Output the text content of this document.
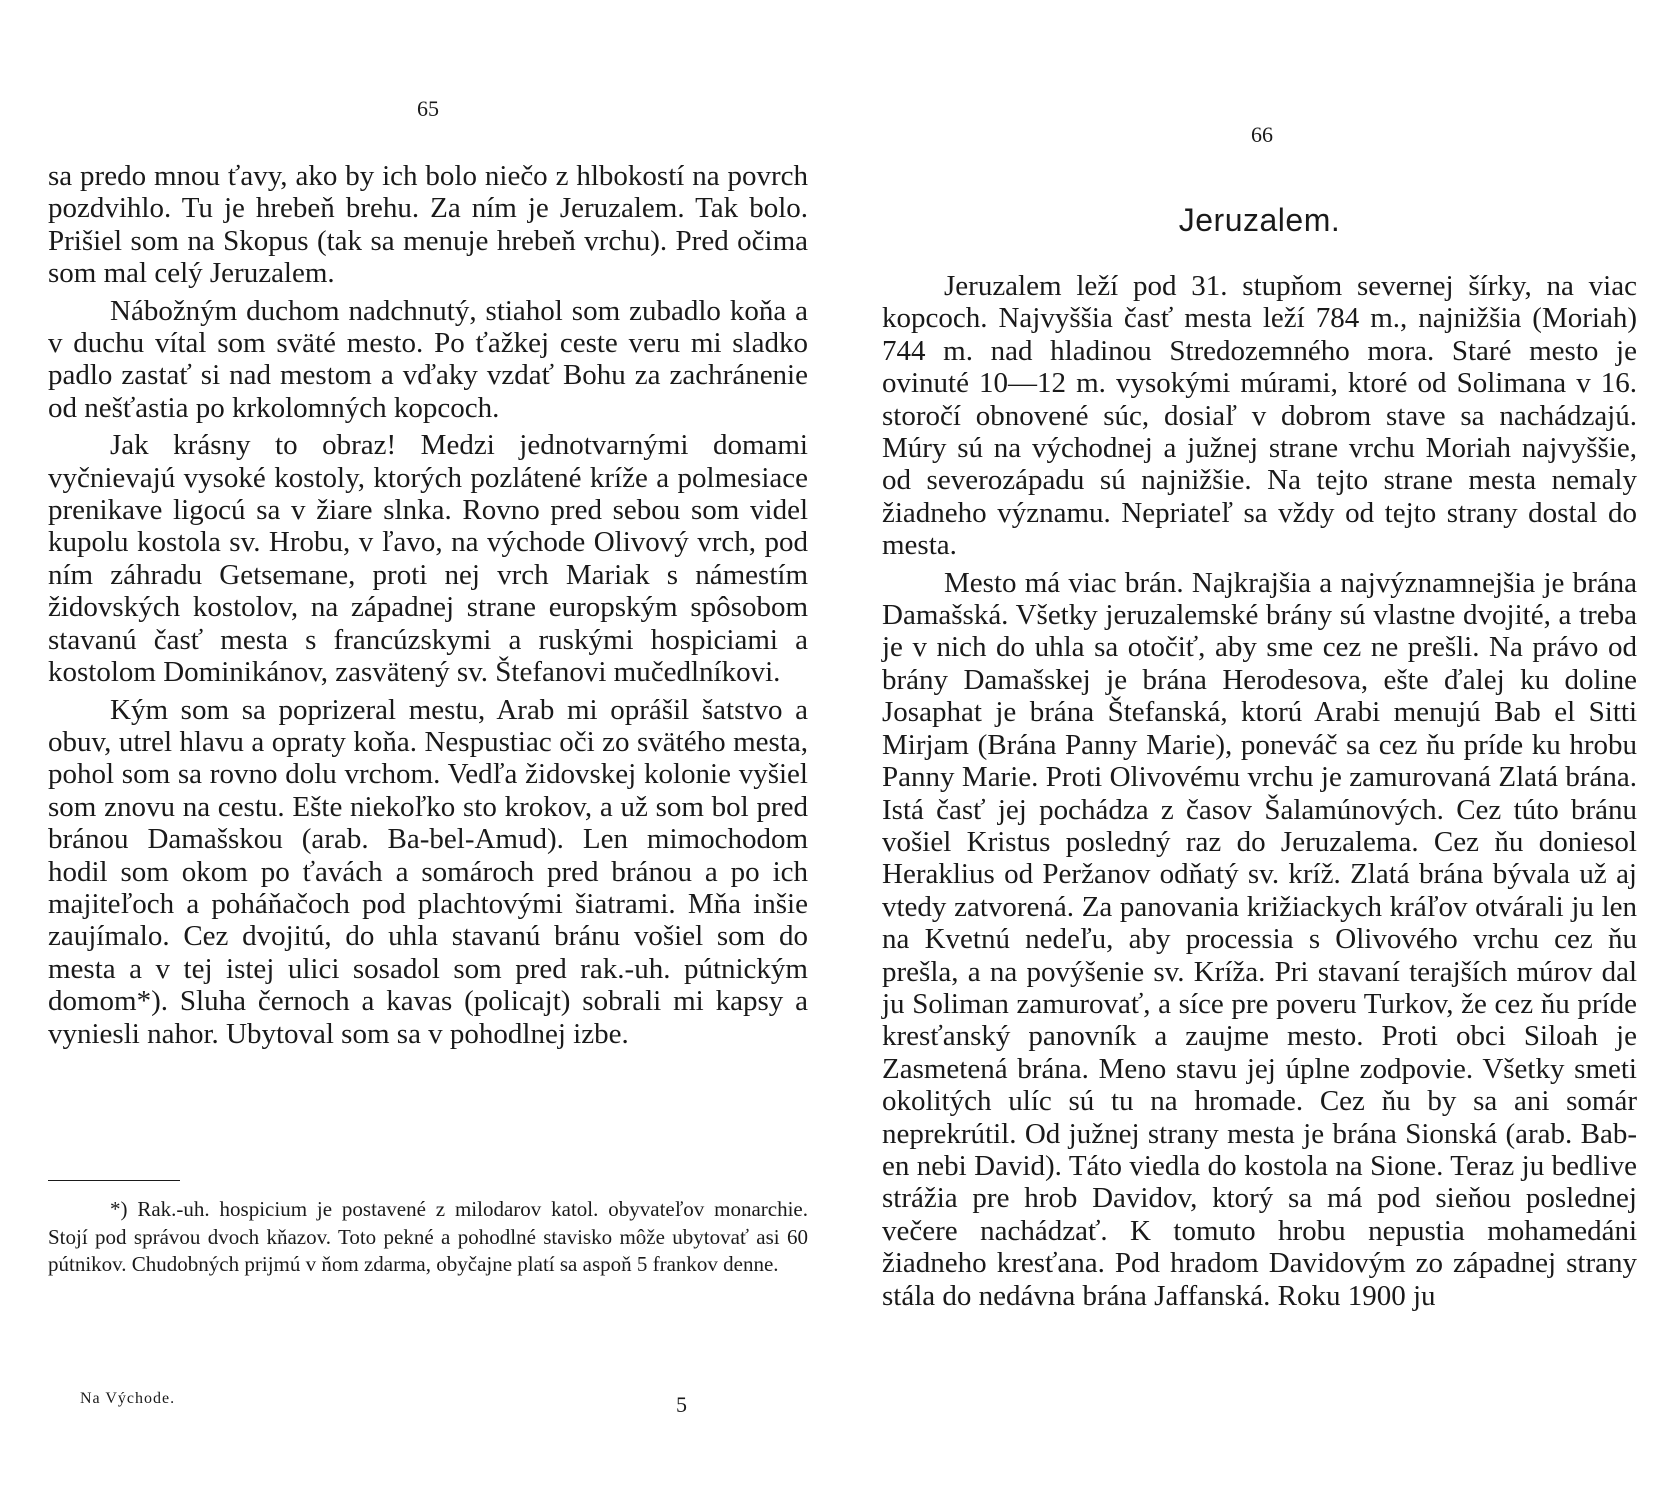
65

sa predo mnou ťavy, ako by ich bolo niečo z hlbokostí na povrch pozdvihlo. Tu je hrebeň brehu. Za ním je Jeruzalem. Tak bolo. Prišiel som na Skopus (tak sa menuje hrebeň vrchu). Pred očima som mal celý Jeruzalem.

Nábožným duchom nadchnutý, stiahol som zubadlo koňa a v duchu vítal som sväté mesto. Po ťažkej ceste veru mi sladko padlo zastať si nad mestom a vďaky vzdať Bohu za zachránenie od nešťastia po krkolomných kopcoch.

Jak krásny to obraz! Medzi jednotvarnými domami vyčnievajú vysoké kostoly, ktorých pozlátené kríže a polmesiace prenikave ligocú sa v žiare slnka. Rovno pred sebou som videl kupolu kostola sv. Hrobu, v ľavo, na východe Olivový vrch, pod ním záhradu Getsemane, proti nej vrch Mariak s námestím židovských kostolov, na západnej strane europským spôsobom stavanú časť mesta s francúzskymi a ruskými hospiciami a kostolom Dominikánov, zasvätený sv. Štefanovi mučedlníkovi.

Kým som sa poprizeral mestu, Arab mi oprášil šatstvo a obuv, utrel hlavu a opraty koňa. Nespustiac oči zo svätého mesta, pohol som sa rovno dolu vrchom. Vedľa židovskej kolonie vyšiel som znovu na cestu. Ešte niekoľko sto krokov, a už som bol pred bránou Damašskou (arab. Ba-bel-Amud). Len mimochodom hodil som okom po ťavách a somároch pred bránou a po ich majiteľoch a poháňačoch pod plachtovými šiatrami. Mňa inšie zaujímalo. Cez dvojitú, do uhla stavanú bránu vošiel som do mesta a v tej istej ulici sosadol som pred rak.-uh. pútnickým domom*). Sluha černoch a kavas (policajt) sobrali mi kapsy a vyniesli nahor. Ubytoval som sa v pohodlnej izbe.

*) Rak.-uh. hospicium je postavené z milodarov katol. obyvateľov monarchie. Stojí pod správou dvoch kňazov. Toto pekné a pohodlné stavisko môže ubytovať asi 60 pútnikov. Chudobných prijmú v ňom zdarma, obyčajne platí sa aspoň 5 frankov denne.

Na Východe.	5
66
Jeruzalem.

Jeruzalem leží pod 31. stupňom severnej šírky, na viac kopcoch. Najvyššia časť mesta leží 784 m., najnižšia (Moriah) 744 m. nad hladinou Stredozemného mora. Staré mesto je ovinuté 10—12 m. vysokými múrami, ktoré od Solimana v 16. storočí obnovené súc, dosiaľ v dobrom stave sa nachádzajú. Múry sú na východnej a južnej strane vrchu Moriah najvyššie, od severozápadu sú najnižšie. Na tejto strane mesta nemaly žiadneho významu. Nepriateľ sa vždy od tejto strany dostal do mesta.

Mesto má viac brán. Najkrajšia a najvýznamnejšia je brána Damašská. Všetky jeruzalemské brány sú vlastne dvojité, a treba je v nich do uhla sa otočiť, aby sme cez ne prešli. Na právo od brány Damašskej je brána Herodesova, ešte ďalej ku doline Josaphat je brána Štefanská, ktorú Arabi menujú Bab el Sitti Mirjam (Brána Panny Marie), poneváč sa cez ňu príde ku hrobu Panny Marie. Proti Olivovému vrchu je zamurovaná Zlatá brána. Istá časť jej pochádza z časov Šalamúnových. Cez túto bránu vošiel Kristus posledný raz do Jeruzalema. Cez ňu doniesol Heraklius od Peržanov odňatý sv. kríž. Zlatá brána bývala už aj vtedy zatvorená. Za panovania križiackych kráľov otvárali ju len na Kvetnú nedeľu, aby processia s Olivového vrchu cez ňu prešla, a na povýšenie sv. Kríža. Pri stavaní terajších múrov dal ju Soliman zamurovať, a síce pre poveru Turkov, že cez ňu príde kresťanský panovník a zaujme mesto. Proti obci Siloah je Zasmetená brána. Meno stavu jej úplne zodpovie. Všetky smeti okolitých ulíc sú tu na hromade. Cez ňu by sa ani somár neprekrútil. Od južnej strany mesta je brána Sionská (arab. Bab-en nebi David). Táto viedla do kostola na Sione. Teraz ju bedlive strážia pre hrob Davidov, ktorý sa má pod sieňou poslednej večere nachádzať. K tomuto hrobu nepustia mohamedáni žiadneho kresťana. Pod hradom Davidovým zo západnej strany stála do nedávna brána Jaffanská. Roku 1900 ju
